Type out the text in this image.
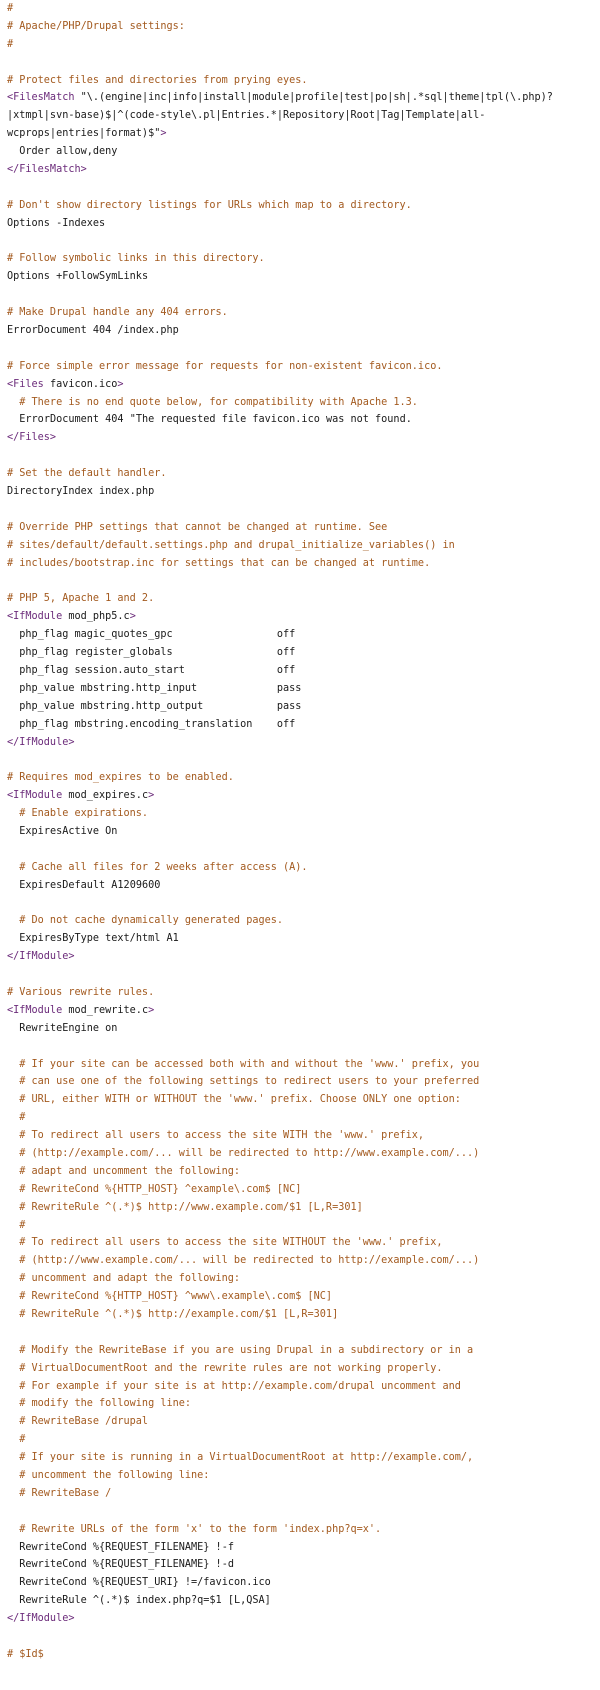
#
# Apache/PHP/Drupal settings:
#

# Protect files and directories from prying eyes.
<FilesMatch "\.(engine|inc|info|install|module|profile|test|po|sh|.*sql|theme|tpl(\.php)?
|xtmpl|svn-base)$|^(code-style\.pl|Entries.*|Repository|Root|Tag|Template|all-
wcprops|entries|format)$">
Order allow,deny
</FilesMatch>

# Don't show directory listings for URLs which map to a directory.
Options -Indexes

# Follow symbolic links in this directory.
Options +FollowSymLinks

# Make Drupal handle any 404 errors.
ErrorDocument 404 /index.php

# Force simple error message for requests for non-existent favicon.ico.
<Files favicon.ico>
# There is no end quote below, for compatibility with Apache 1.3.
ErrorDocument 404 "The requested file favicon.ico was not found.
</Files>

# Set the default handler.
DirectoryIndex index.php

# Override PHP settings that cannot be changed at runtime. See
# sites/default/default.settings.php and drupal_initialize_variables() in
# includes/bootstrap.inc for settings that can be changed at runtime.

# PHP 5, Apache 1 and 2.
<IfModule mod_php5.c>
php_flag magic_quotes_gpc                 off
php_flag register_globals                 off
php_flag session.auto_start               off
php_value mbstring.http_input             pass
php_value mbstring.http_output            pass
php_flag mbstring.encoding_translation    off
</IfModule>

# Requires mod_expires to be enabled.
<IfModule mod_expires.c>
# Enable expirations.
ExpiresActive On

# Cache all files for 2 weeks after access (A).
ExpiresDefault A1209600

# Do not cache dynamically generated pages.
ExpiresByType text/html A1
</IfModule>

# Various rewrite rules.
<IfModule mod_rewrite.c>
RewriteEngine on

# If your site can be accessed both with and without the 'www.' prefix, you
# can use one of the following settings to redirect users to your preferred
# URL, either WITH or WITHOUT the 'www.' prefix. Choose ONLY one option:
#
# To redirect all users to access the site WITH the 'www.' prefix,
# (http://example.com/... will be redirected to http://www.example.com/...)
# adapt and uncomment the following:
# RewriteCond %{HTTP_HOST} ^example\.com$ [NC]
# RewriteRule ^(.*)$ http://www.example.com/$1 [L,R=301]
#
# To redirect all users to access the site WITHOUT the 'www.' prefix,
# (http://www.example.com/... will be redirected to http://example.com/...)
# uncomment and adapt the following:
# RewriteCond %{HTTP_HOST} ^www\.example\.com$ [NC]
# RewriteRule ^(.*)$ http://example.com/$1 [L,R=301]

# Modify the RewriteBase if you are using Drupal in a subdirectory or in a
# VirtualDocumentRoot and the rewrite rules are not working properly.
# For example if your site is at http://example.com/drupal uncomment and
# modify the following line:
# RewriteBase /drupal
#
# If your site is running in a VirtualDocumentRoot at http://example.com/,
# uncomment the following line:
# RewriteBase /

# Rewrite URLs of the form 'x' to the form 'index.php?q=x'.
RewriteCond %{REQUEST_FILENAME} !-f
RewriteCond %{REQUEST_FILENAME} !-d
RewriteCond %{REQUEST_URI} !=/favicon.ico
RewriteRule ^(.*)$ index.php?q=$1 [L,QSA]
</IfModule>

# $Id$
